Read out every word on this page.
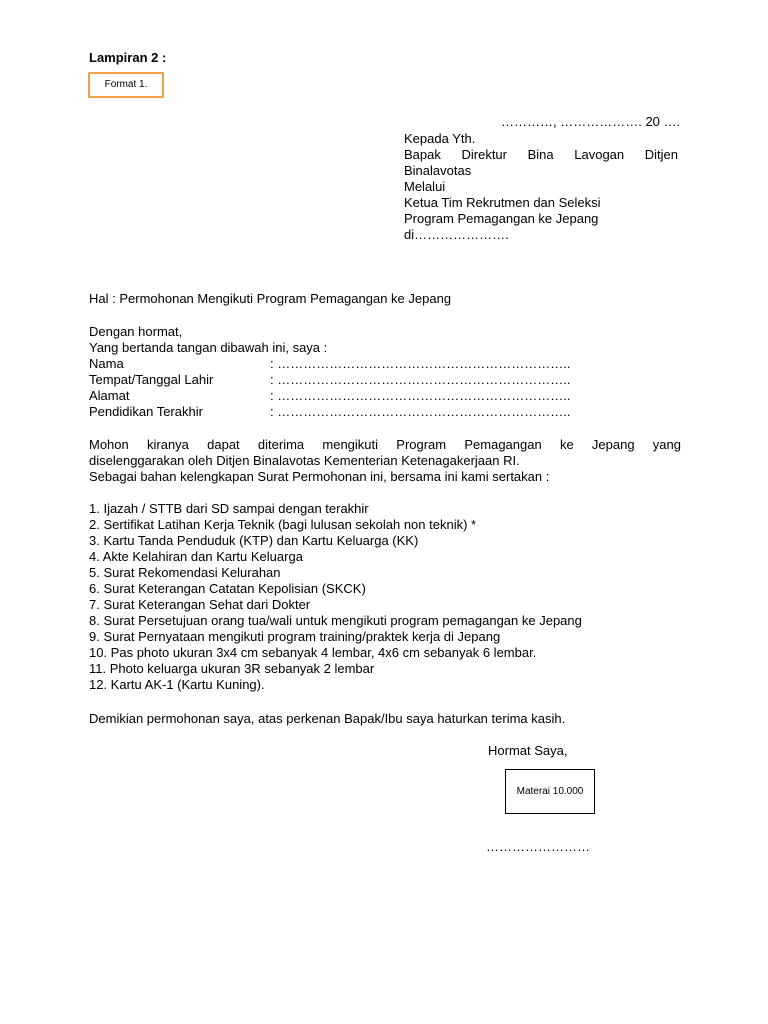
Lampiran 2 :
Format 1.
…………, ………………. 20 ….
Kepada Yth.
Bapak Direktur Bina Lavogan Ditjen
Binalavotas
Melalui
Ketua Tim Rekrutmen dan Seleksi
Program Pemagangan ke Jepang
di………………….
Hal : Permohonan Mengikuti Program Pemagangan ke Jepang
Dengan hormat,
Yang bertanda tangan dibawah ini, saya :
Nama	: …………………………………………………………..
Tempat/Tanggal Lahir	: …………………………………………………………..
Alamat	: …………………………………………………………..
Pendidikan Terakhir	: …………………………………………………………..
Mohon kiranya dapat diterima mengikuti Program Pemagangan ke Jepang yang
diselenggarakan oleh Ditjen Binalavotas Kementerian Ketenagakerjaan RI.
Sebagai bahan kelengkapan Surat Permohonan ini, bersama ini kami sertakan :
1. Ijazah / STTB dari SD sampai dengan terakhir
2. Sertifikat Latihan Kerja Teknik (bagi lulusan sekolah non teknik) *
3. Kartu Tanda Penduduk (KTP) dan Kartu Keluarga (KK)
4. Akte Kelahiran dan Kartu Keluarga
5. Surat Rekomendasi Kelurahan
6. Surat Keterangan Catatan Kepolisian (SKCK)
7. Surat Keterangan Sehat dari Dokter
8. Surat Persetujuan orang tua/wali untuk mengikuti program pemagangan ke Jepang
9. Surat Pernyataan mengikuti program training/praktek kerja di Jepang
10. Pas photo ukuran 3x4 cm sebanyak 4 lembar, 4x6 cm sebanyak 6 lembar.
11. Photo keluarga ukuran 3R sebanyak 2 lembar
12. Kartu AK-1 (Kartu Kuning).
Demikian permohonan saya, atas perkenan Bapak/Ibu saya haturkan terima kasih.
Hormat Saya,
Materai 10.000
……………………
